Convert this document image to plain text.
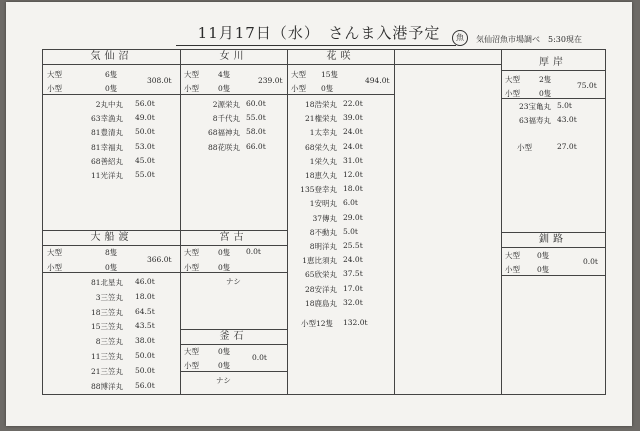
11月17日（水）　さんま入港予定	魚	気仙沼魚市場調べ　5:30現在
気仙沼
大型	6隻
小型	0隻
308.0t
2丸中丸 56.0t
63幸漁丸 49.0t
81豊清丸 50.0t
81幸福丸 53.0t
68善紹丸 45.0t
11光洋丸 55.0t
大船渡
大型	8隻
小型	0隻
366.0t
81北星丸 46.0t
3三笠丸 18.0t
18三笠丸 64.5t
15三笠丸 43.5t
8三笠丸 38.0t
11三笠丸 50.0t
21三笠丸 50.0t
88博洋丸 56.0t
女川
大型	4隻
小型	0隻
239.0t
2源栄丸 60.0t
8千代丸 55.0t
68福神丸 58.0t
88花咲丸 66.0t
宮古
大型	0隻 0.0t
小型	0隻
ナシ
釜石
大型	0隻
0.0t
小型	0隻
ナシ
花咲
大型 15隻
小型 0隻
494.0t
18浩栄丸 22.0t
21権栄丸 39.0t
1太幸丸 24.0t
68栄久丸 24.0t
1栄久丸 31.0t
18恵久丸 12.0t
135登幸丸 18.0t
1安明丸 6.0t
37傳丸 29.0t
8不動丸 5.0t
8明洋丸 25.5t
1恵比須丸 24.0t
65欣栄丸 37.5t
28安洋丸 17.0t
18鹿島丸 32.0t
小型12隻 132.0t
厚岸
大型	2隻
小型	0隻
75.0t
23宝亀丸 5.0t
63福寿丸 43.0t
小型	27.0t
釧路
大型 0隻
小型 0隻
0.0t
